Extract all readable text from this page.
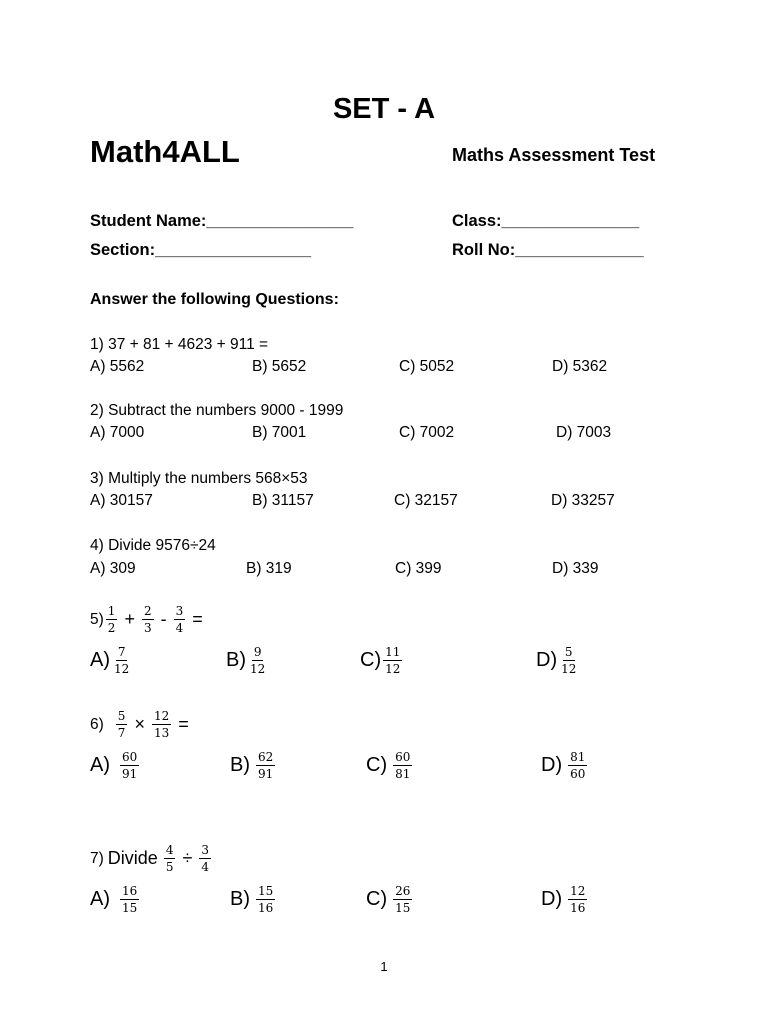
SET - A
Math4ALL	Maths Assessment Test
Student Name:________________	Class:_______________
Section:_________________	Roll No:______________
Answer the following Questions:
1) 37 + 81 + 4623 + 911 =
A) 5562	B) 5652	C) 5052	D) 5362
2) Subtract the numbers 9000 - 1999
A) 7000	B) 7001	C) 7002	D) 7003
3) Multiply the numbers 568×53
A) 30157	B) 31157	C) 32157	D) 33257
4) Divide 9576÷24
A) 309	B) 319	C) 399	D) 339
$5) \frac{1}{2} + \frac{2}{3} - \frac{3}{4}$ =
$A) \frac{7}{12}$	$B) \frac{9}{12}$	$C) \frac{11}{12}$	$D) \frac{5}{12}$
$6) \frac{5}{7} \times \frac{12}{13}$ =
$A) \frac{60}{91}$	$B) \frac{62}{91}$	$C) \frac{60}{81}$	$D) \frac{81}{60}$
7) Divide $\frac{4}{5} \div \frac{3}{4}$
$A) \frac{16}{15}$	$B) \frac{15}{16}$	$C) \frac{26}{15}$	$D) \frac{12}{16}$
1
